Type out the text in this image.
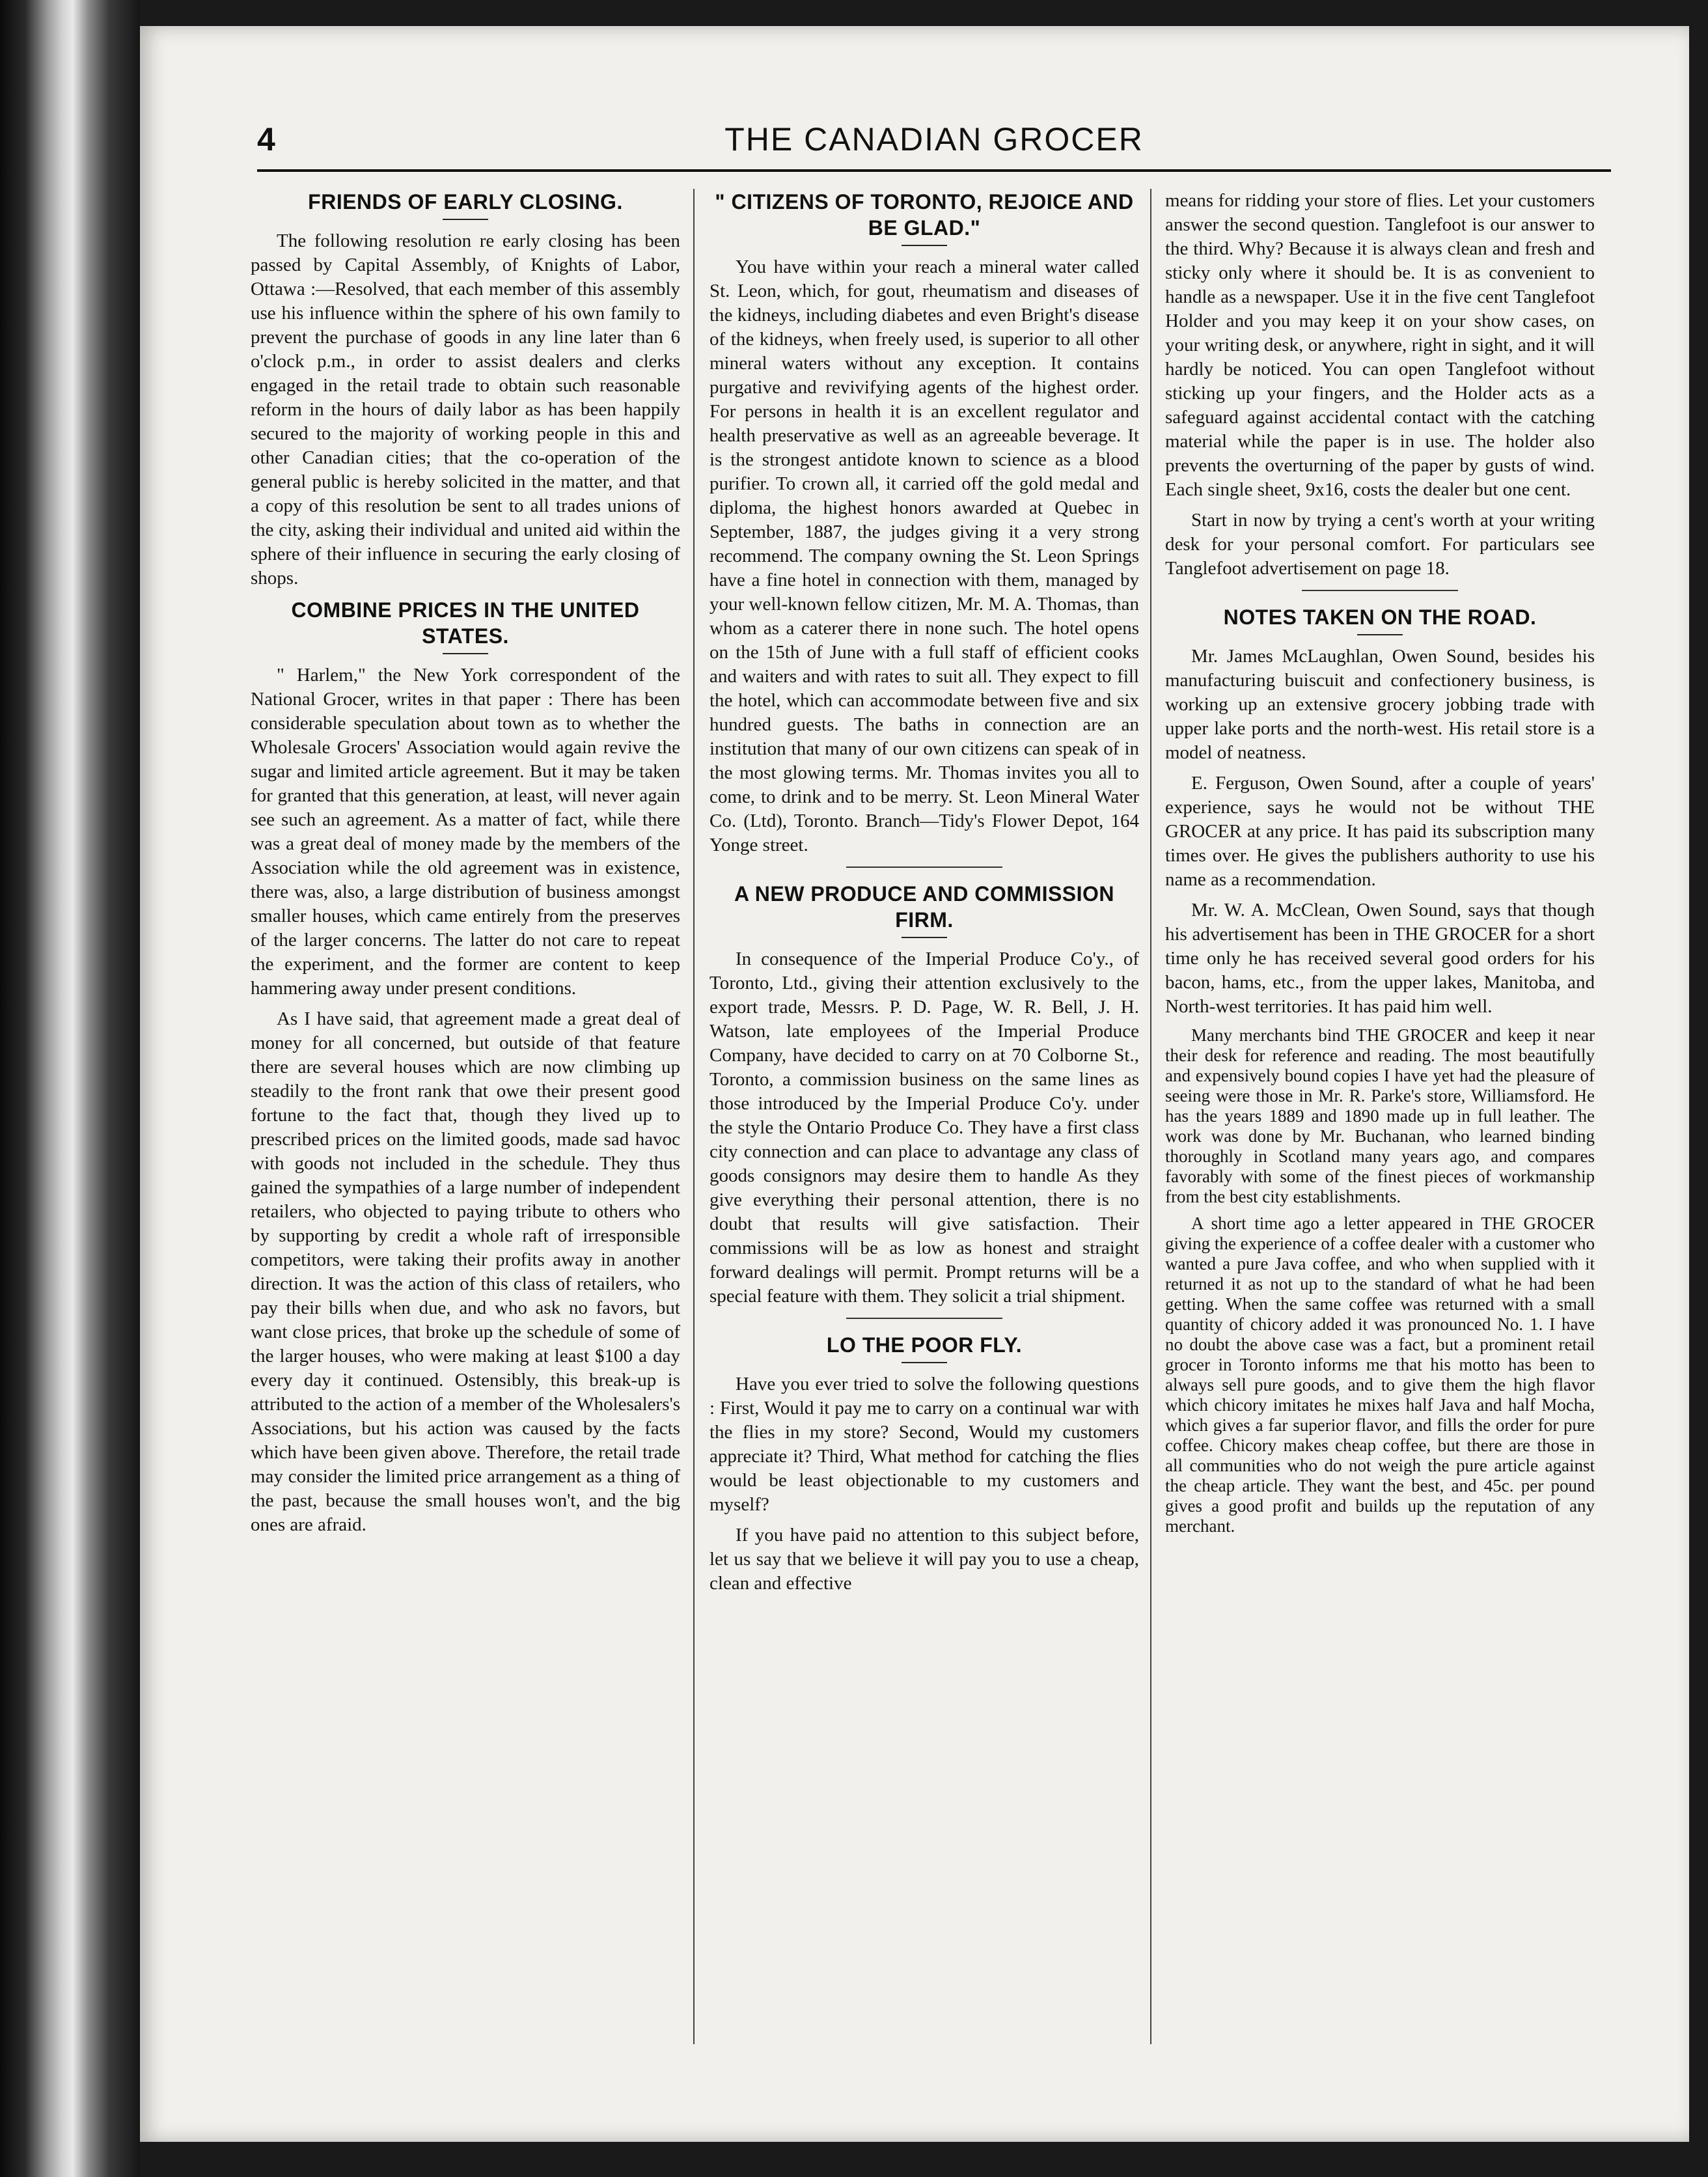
4	THE CANADIAN GROCER
FRIENDS OF EARLY CLOSING.

The following resolution re early closing has been passed by Capital Assembly, of Knights of Labor, Ottawa :—Resolved, that each member of this assembly use his influence within the sphere of his own family to prevent the purchase of goods in any line later than 6 o'clock p.m., in order to assist dealers and clerks engaged in the retail trade to obtain such reasonable reform in the hours of daily labor as has been happily secured to the majority of working people in this and other Canadian cities; that the co-operation of the general public is hereby solicited in the matter, and that a copy of this resolution be sent to all trades unions of the city, asking their individual and united aid within the sphere of their influence in securing the early closing of shops.

COMBINE PRICES IN THE UNITED STATES.

" Harlem," the New York correspondent of the National Grocer, writes in that paper : There has been considerable speculation about town as to whether the Wholesale Grocers' Association would again revive the sugar and limited article agreement. But it may be taken for granted that this generation, at least, will never again see such an agreement. As a matter of fact, while there was a great deal of money made by the members of the Association while the old agreement was in existence, there was, also, a large distribution of business amongst smaller houses, which came entirely from the preserves of the larger concerns. The latter do not care to repeat the experiment, and the former are content to keep hammering away under present conditions.

As I have said, that agreement made a great deal of money for all concerned, but outside of that feature there are several houses which are now climbing up steadily to the front rank that owe their present good fortune to the fact that, though they lived up to prescribed prices on the limited goods, made sad havoc with goods not included in the schedule. They thus gained the sympathies of a large number of independent retailers, who objected to paying tribute to others who by supporting by credit a whole raft of irresponsible competitors, were taking their profits away in another direction. It was the action of this class of retailers, who pay their bills when due, and who ask no favors, but want close prices, that broke up the schedule of some of the larger houses, who were making at least $100 a day every day it continued. Ostensibly, this break-up is attributed to the action of a member of the Wholesalers's Associations, but his action was caused by the facts which have been given above. Therefore, the retail trade may consider the limited price arrangement as a thing of the past, because the small houses won't, and the big ones are afraid.

" CITIZENS OF TORONTO, REJOICE AND BE GLAD."

You have within your reach a mineral water called St. Leon, which, for gout, rheumatism and diseases of the kidneys, including diabetes and even Bright's disease of the kidneys, when freely used, is superior to all other mineral waters without any exception. It contains purgative and revivifying agents of the highest order. For persons in health it is an excellent regulator and health preservative as well as an agreeable beverage. It is the strongest antidote known to science as a blood purifier. To crown all, it carried off the gold medal and diploma, the highest honors awarded at Quebec in September, 1887, the judges giving it a very strong recommend. The company owning the St. Leon Springs have a fine hotel in connection with them, managed by your well-known fellow citizen, Mr. M. A. Thomas, than whom as a caterer there in none such. The hotel opens on the 15th of June with a full staff of efficient cooks and waiters and with rates to suit all. They expect to fill the hotel, which can accommodate between five and six hundred guests. The baths in connection are an institution that many of our own citizens can speak of in the most glowing terms. Mr. Thomas invites you all to come, to drink and to be merry. St. Leon Mineral Water Co. (Ltd), Toronto. Branch—Tidy's Flower Depot, 164 Yonge street.

A NEW PRODUCE AND COMMISSION FIRM.

In consequence of the Imperial Produce Co'y., of Toronto, Ltd., giving their attention exclusively to the export trade, Messrs. P. D. Page, W. R. Bell, J. H. Watson, late employees of the Imperial Produce Company, have decided to carry on at 70 Colborne St., Toronto, a commission business on the same lines as those introduced by the Imperial Produce Co'y. under the style the Ontario Produce Co. They have a first class city connection and can place to advantage any class of goods consignors may desire them to handle As they give everything their personal attention, there is no doubt that results will give satisfaction. Their commissions will be as low as honest and straight forward dealings will permit. Prompt returns will be a special feature with them. They solicit a trial shipment.

LO THE POOR FLY.

Have you ever tried to solve the following questions : First, Would it pay me to carry on a continual war with the flies in my store? Second, Would my customers appreciate it? Third, What method for catching the flies would be least objectionable to my customers and myself?

If you have paid no attention to this subject before, let us say that we believe it will pay you to use a cheap, clean and effective

means for ridding your store of flies. Let your customers answer the second question. Tanglefoot is our answer to the third. Why? Because it is always clean and fresh and sticky only where it should be. It is as convenient to handle as a newspaper. Use it in the five cent Tanglefoot Holder and you may keep it on your show cases, on your writing desk, or anywhere, right in sight, and it will hardly be noticed. You can open Tanglefoot without sticking up your fingers, and the Holder acts as a safeguard against accidental contact with the catching material while the paper is in use. The holder also prevents the overturning of the paper by gusts of wind. Each single sheet, 9x16, costs the dealer but one cent.

Start in now by trying a cent's worth at your writing desk for your personal comfort. For particulars see Tanglefoot advertisement on page 18.

NOTES TAKEN ON THE ROAD.

Mr. James McLaughlan, Owen Sound, besides his manufacturing buiscuit and confectionery business, is working up an extensive grocery jobbing trade with upper lake ports and the north-west. His retail store is a model of neatness.

E. Ferguson, Owen Sound, after a couple of years' experience, says he would not be without THE GROCER at any price. It has paid its subscription many times over. He gives the publishers authority to use his name as a recommendation.

Mr. W. A. McClean, Owen Sound, says that though his advertisement has been in THE GROCER for a short time only he has received several good orders for his bacon, hams, etc., from the upper lakes, Manitoba, and North-west territories. It has paid him well.

Many merchants bind THE GROCER and keep it near their desk for reference and reading. The most beautifully and expensively bound copies I have yet had the pleasure of seeing were those in Mr. R. Parke's store, Williamsford. He has the years 1889 and 1890 made up in full leather. The work was done by Mr. Buchanan, who learned binding thoroughly in Scotland many years ago, and compares favorably with some of the finest pieces of workmanship from the best city establishments.

A short time ago a letter appeared in THE GROCER giving the experience of a coffee dealer with a customer who wanted a pure Java coffee, and who when supplied with it returned it as not up to the standard of what he had been getting. When the same coffee was returned with a small quantity of chicory added it was pronounced No. 1. I have no doubt the above case was a fact, but a prominent retail grocer in Toronto informs me that his motto has been to always sell pure goods, and to give them the high flavor which chicory imitates he mixes half Java and half Mocha, which gives a far superior flavor, and fills the order for pure coffee. Chicory makes cheap coffee, but there are those in all communities who do not weigh the pure article against the cheap article. They want the best, and 45c. per pound gives a good profit and builds up the reputation of any merchant.
